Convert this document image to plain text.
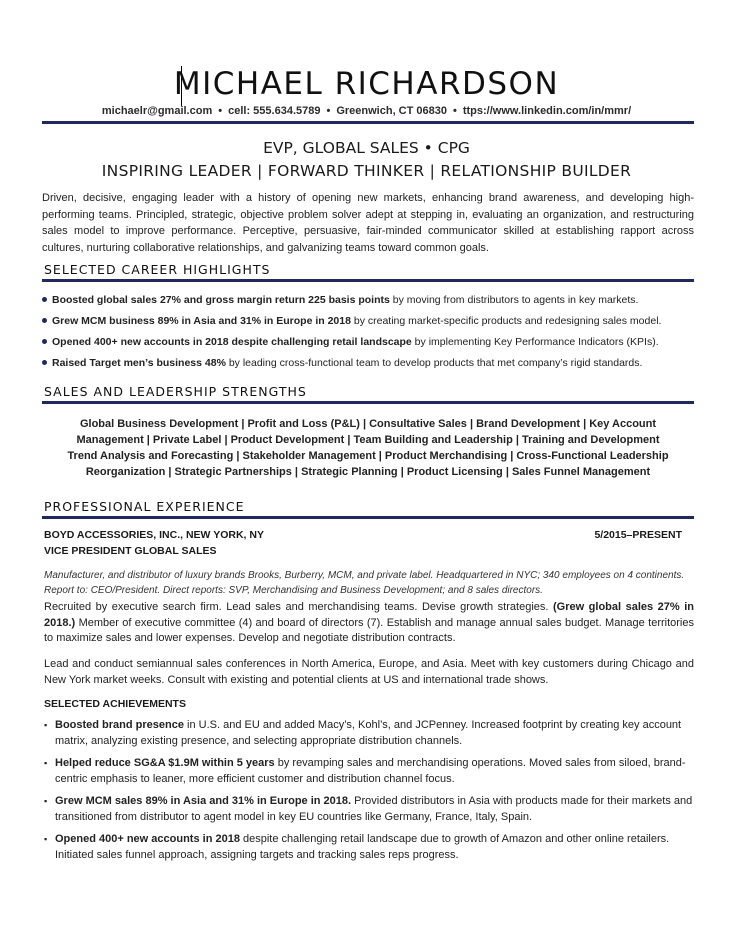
MICHAEL RICHARDSON
michaelr@gmail.com • cell: 555.634.5789 • Greenwich, CT 06830 • ttps://www.linkedin.com/in/mmr/
EVP, GLOBAL SALES • CPG
INSPIRING LEADER | FORWARD THINKER | RELATIONSHIP BUILDER
Driven, decisive, engaging leader with a history of opening new markets, enhancing brand awareness, and developing high-performing teams. Principled, strategic, objective problem solver adept at stepping in, evaluating an organization, and restructuring sales model to improve performance. Perceptive, persuasive, fair-minded communicator skilled at establishing rapport across cultures, nurturing collaborative relationships, and galvanizing teams toward common goals.
SELECTED CAREER HIGHLIGHTS
Boosted global sales 27% and gross margin return 225 basis points by moving from distributors to agents in key markets.
Grew MCM business 89% in Asia and 31% in Europe in 2018 by creating market-specific products and redesigning sales model.
Opened 400+ new accounts in 2018 despite challenging retail landscape by implementing Key Performance Indicators (KPIs).
Raised Target men’s business 48% by leading cross-functional team to develop products that met company’s rigid standards.
SALES AND LEADERSHIP STRENGTHS
Global Business Development | Profit and Loss (P&L) | Consultative Sales | Brand Development | Key Account
Management | Private Label | Product Development | Team Building and Leadership | Training and Development
Trend Analysis and Forecasting | Stakeholder Management | Product Merchandising | Cross-Functional Leadership
Reorganization | Strategic Partnerships | Strategic Planning | Product Licensing | Sales Funnel Management
PROFESSIONAL EXPERIENCE
BOYD ACCESSORIES, INC., NEW YORK, NY	5/2015–PRESENT
VICE PRESIDENT GLOBAL SALES
Manufacturer, and distributor of luxury brands Brooks, Burberry, MCM, and private label. Headquartered in NYC; 340 employees on 4 continents. Report to: CEO/President. Direct reports: SVP, Merchandising and Business Development; and 8 sales directors.
Recruited by executive search firm. Lead sales and merchandising teams. Devise growth strategies. (Grew global sales 27% in 2018.) Member of executive committee (4) and board of directors (7). Establish and manage annual sales budget. Manage territories to maximize sales and lower expenses. Develop and negotiate distribution contracts.
Lead and conduct semiannual sales conferences in North America, Europe, and Asia. Meet with key customers during Chicago and New York market weeks. Consult with existing and potential clients at US and international trade shows.
SELECTED ACHIEVEMENTS
▪ Boosted brand presence in U.S. and EU and added Macy’s, Kohl’s, and JCPenney. Increased footprint by creating key account matrix, analyzing existing presence, and selecting appropriate distribution channels.
▪ Helped reduce SG&A $1.9M within 5 years by revamping sales and merchandising operations. Moved sales from siloed, brand-centric emphasis to leaner, more efficient customer and distribution channel focus.
▪ Grew MCM sales 89% in Asia and 31% in Europe in 2018. Provided distributors in Asia with products made for their markets and transitioned from distributor to agent model in key EU countries like Germany, France, Italy, Spain.
▪ Opened 400+ new accounts in 2018 despite challenging retail landscape due to growth of Amazon and other online retailers. Initiated sales funnel approach, assigning targets and tracking sales reps progress.
